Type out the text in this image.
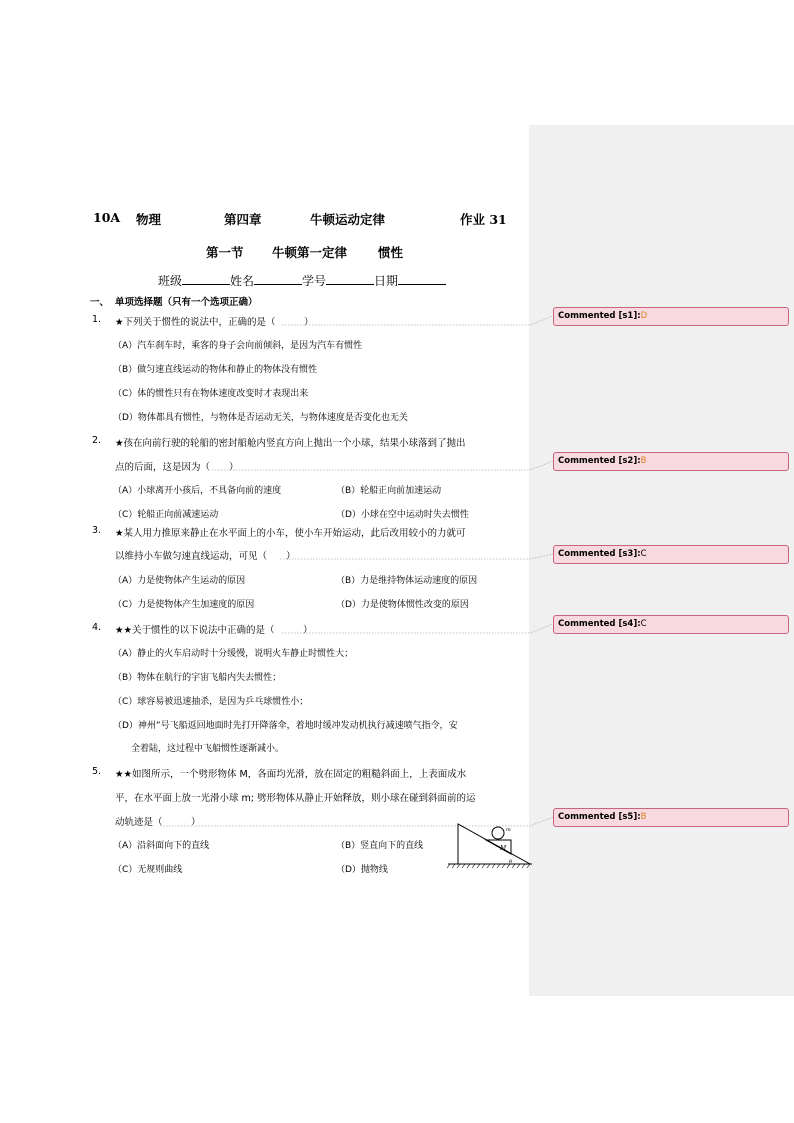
10A 物理	第四章	牛顿运动定律	作业 31
第一节 牛顿第一定律 惯性
班级	姓名	学号	日期
一、 单项选择题（只有一个选项正确）
1. ★下列关于惯性的说法中，正确的是（　　　）
（A）汽车刹车时，乘客的身子会向前倾斜，是因为汽车有惯性
（B）做匀速直线运动的物体和静止的物体没有惯性
（C）体的惯性只有在物体速度改变时才表现出来
（D）物体都具有惯性，与物体是否运动无关，与物体速度是否变化也无关
2. ★孩在向前行驶的轮船的密封船舱内竖直方向上抛出一个小球，结果小球落到了抛出
点的后面，这是因为（　　）
（A）小球离开小孩后，不具备向前的速度	（B）轮船正向前加速运动
（C）轮船正向前减速运动	（D）小球在空中运动时失去惯性
3. ★某人用力推原来静止在水平面上的小车，使小车开始运动，此后改用较小的力就可
以维持小车做匀速直线运动，可见（　　）
（A）力是使物体产生运动的原因	（B）力是维持物体运动速度的原因
（C）力是使物体产生加速度的原因	（D）力是使物体惯性改变的原因
4. ★★关于惯性的以下说法中正确的是（　　　）
（A）静止的火车启动时十分缓慢，说明火车静止时惯性大；
（B）物体在航行的宇宙飞船内失去惯性；
（C）球容易被迅速抽杀，是因为乒乓球惯性小；
（D）神州”号飞船返回地面时先打开降落伞，着地时缓冲发动机执行减速喷气指令，安
全着陆，这过程中飞船惯性逐渐减小。
5. ★★如图所示，一个劈形物体 M，各面均光滑，放在固定的粗糙斜面上，上表面成水
平，在水平面上放一光滑小球 m; 劈形物体从静止开始释放，则小球在碰到斜面前的运
动轨迹是（　　　）
（A）沿斜面向下的直线	（B）竖直向下的直线
（C）无规则曲线	（D）抛物线
m
M
θ
Commented [s1]:D
Commented [s2]:B
Commented [s3]:C
Commented [s4]:C
Commented [s5]:B
